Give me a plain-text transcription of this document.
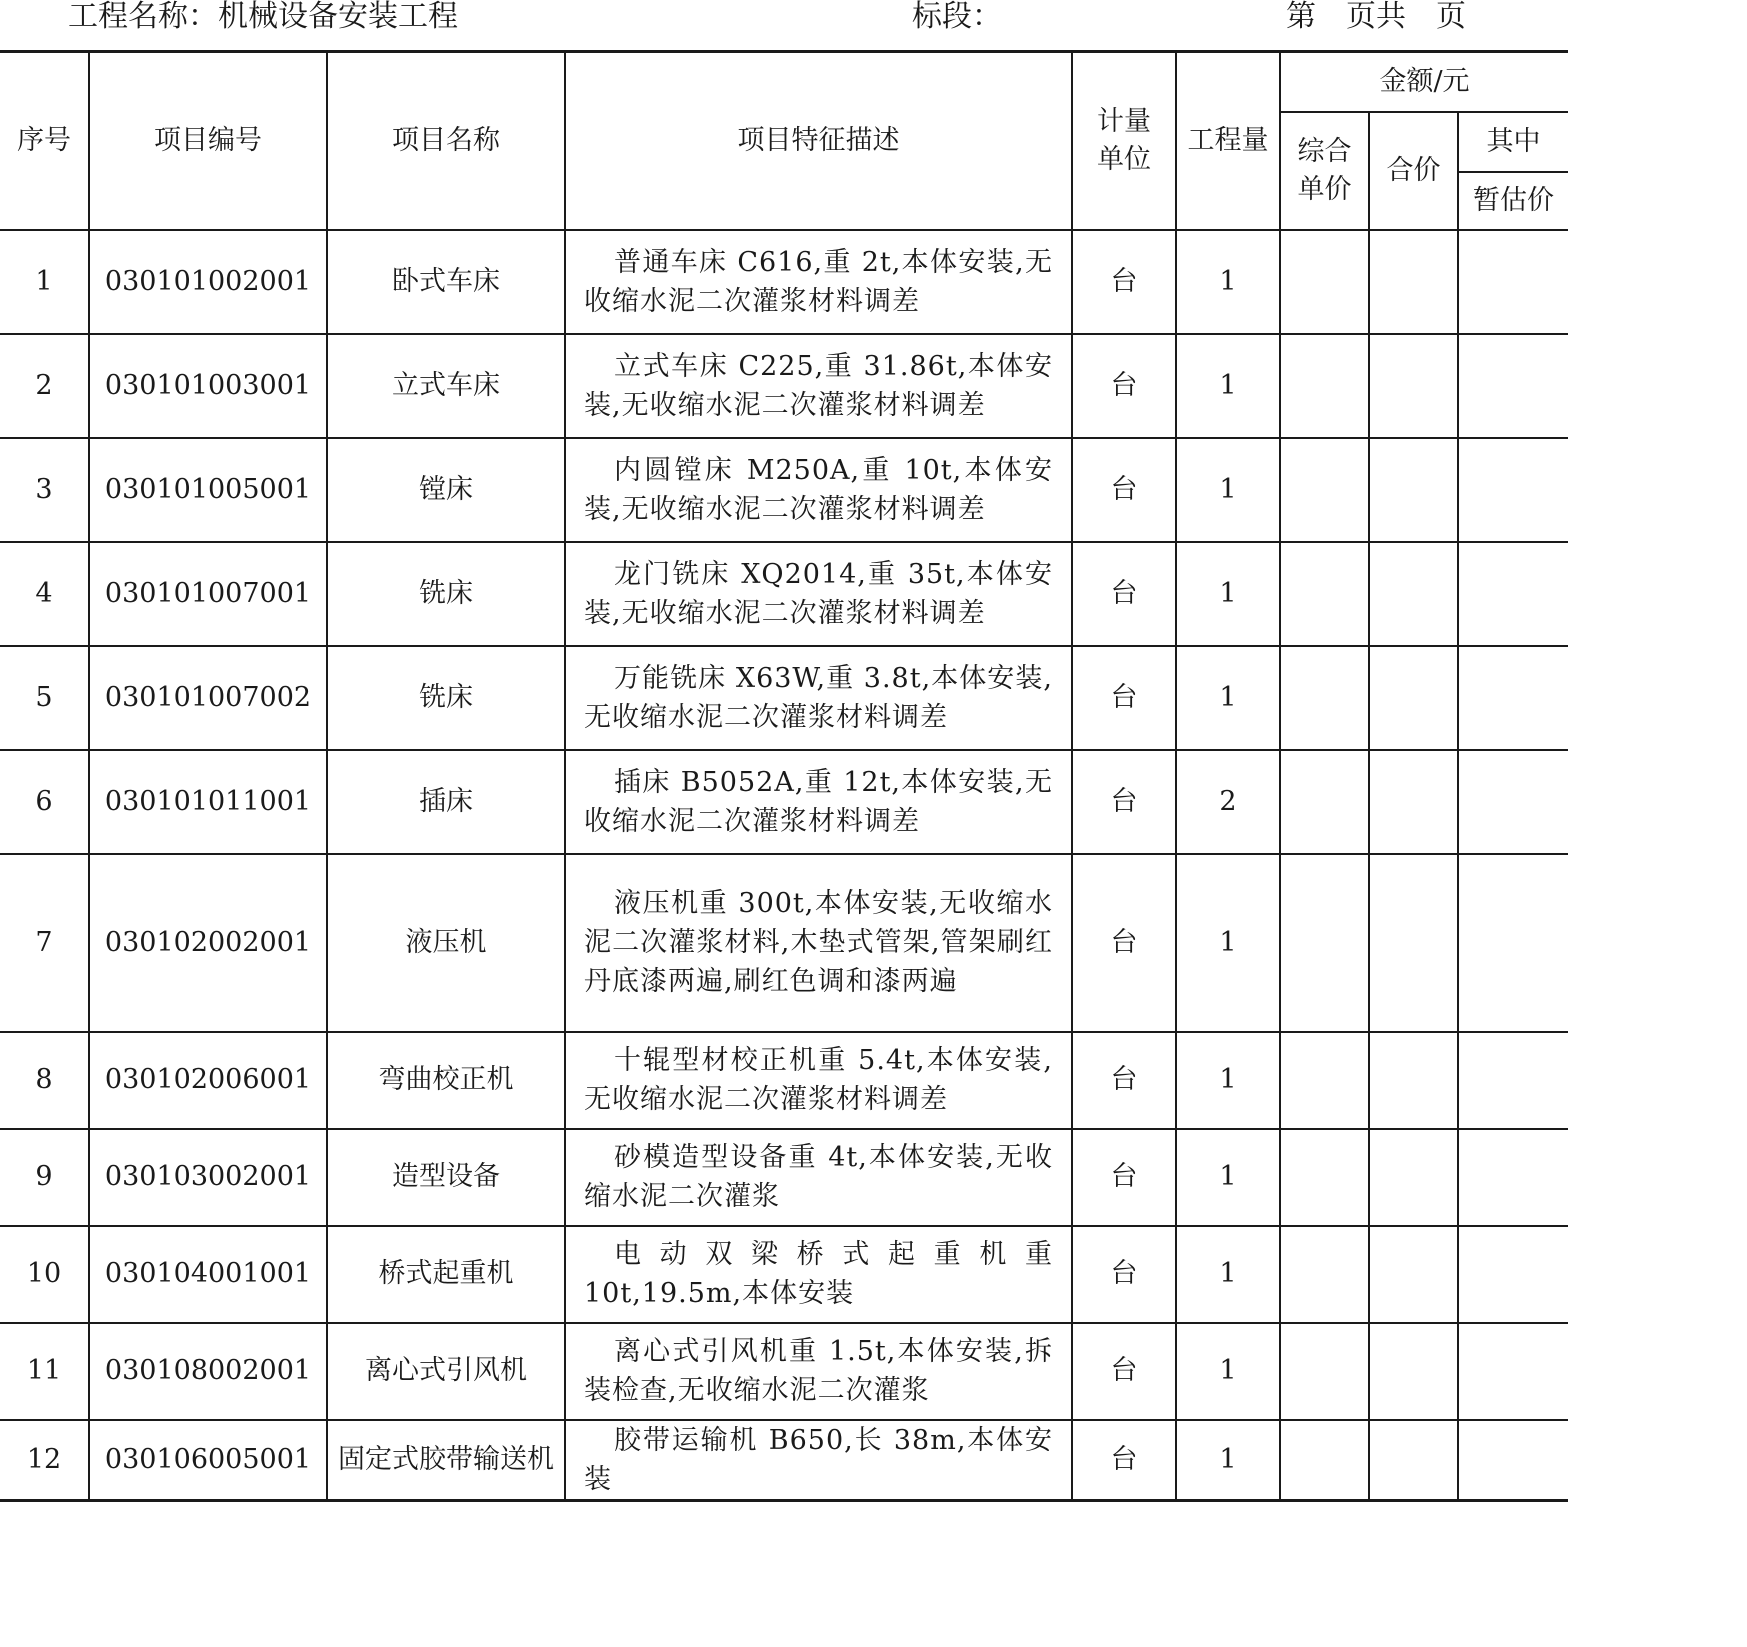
工程名称：机械设备安装工程	标段：	第　页共　页
序号	项目编号	项目名称	项目特征描述	计量单位	工程量	金额/元		
						综合单价	合价	其中
								暂估价
1	030101002001	卧式车床	普通车床 C616,重 2t,本体安装,无收缩水泥二次灌浆材料调差	台	1			
2	030101003001	立式车床	立式车床 C225,重 31.86t,本体安装,无收缩水泥二次灌浆材料调差	台	1			
3	030101005001	镗床	内圆镗床 M250A,重 10t,本体安装,无收缩水泥二次灌浆材料调差	台	1			
4	030101007001	铣床	龙门铣床 XQ2014,重 35t,本体安装,无收缩水泥二次灌浆材料调差	台	1			
5	030101007002	铣床	万能铣床 X63W,重 3.8t,本体安装,无收缩水泥二次灌浆材料调差	台	1			
6	030101011001	插床	插床 B5052A,重 12t,本体安装,无收缩水泥二次灌浆材料调差	台	2			
7	030102002001	液压机	液压机重 300t,本体安装,无收缩水泥二次灌浆材料,木垫式管架,管架刷红丹底漆两遍,刷红色调和漆两遍	台	1			
8	030102006001	弯曲校正机	十辊型材校正机重 5.4t,本体安装,无收缩水泥二次灌浆材料调差	台	1			
9	030103002001	造型设备	砂模造型设备重 4t,本体安装,无收缩水泥二次灌浆	台	1			
10	030104001001	桥式起重机	电动双梁桥式起重机重 10t,19.5m,本体安装	台	1			
11	030108002001	离心式引风机	离心式引风机重 1.5t,本体安装,拆装检查,无收缩水泥二次灌浆	台	1			
12	030106005001	固定式胶带输送机	胶带运输机 B650,长 38m,本体安装	台	1			
